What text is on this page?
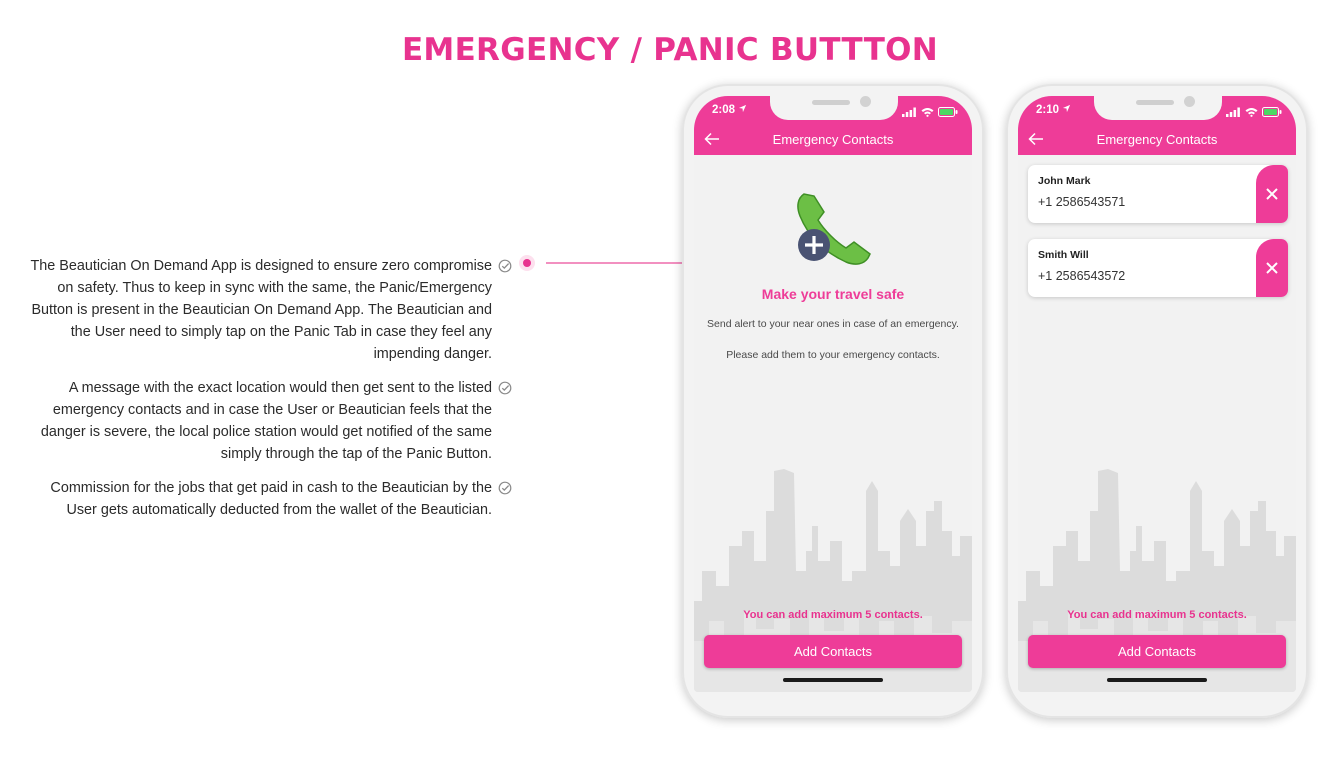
EMERGENCY / PANIC BUTTTON
The Beautician On Demand App is designed to ensure zero compromise on safety. Thus to keep in sync with the same, the Panic/Emergency Button is present in the Beautician On Demand App. The Beautician and the User need to simply tap on the Panic Tab in case they feel any impending danger.
A message with the exact location would then get sent to the listed emergency contacts and in case the User or Beautician feels that the danger is severe, the local police station would get notified of the same simply through the tap of the Panic Button.
Commission for the jobs that get paid in cash to the Beautician by the User gets automatically deducted from the wallet of the Beautician.
2:08

Emergency Contacts
Make your travel safe
Send alert to your near ones in case of an emergency.
Please add them to your emergency contacts.
You can add maximum 5 contacts.
Add Contacts
2:10

Emergency Contacts
John Mark
+1 2586543571
Smith Will
+1 2586543572
You can add maximum 5 contacts.
Add Contacts
